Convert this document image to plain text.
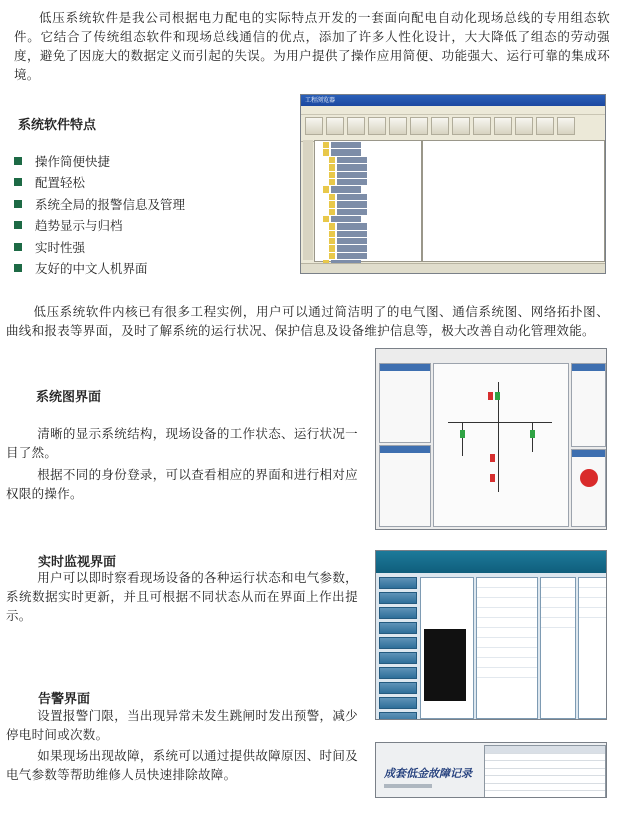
低压系统软件是我公司根据电力配电的实际特点开发的一套面向配电自动化现场总线的专用组态软件。它结合了传统组态软件和现场总线通信的优点，添加了许多人性化设计，大大降低了组态的劳动强度，避免了因庞大的数据定义而引起的失误。为用户提供了操作应用简便、功能强大、运行可靠的集成环境。

系统软件特点
操作简便快捷
配置轻松
系统全局的报警信息及管理
趋势显示与归档
实时性强
友好的中文人机界面
工程浏览器

低压系统软件内核已有很多工程实例，用户可以通过简洁明了的电气图、通信系统图、网络拓扑图、曲线和报表等界面，及时了解系统的运行状况、保护信息及设备维护信息等，极大改善自动化管理效能。

系统图界面

清晰的显示系统结构，现场设备的工作状态、运行状况一目了然。

根据不同的身份登录，可以查看相应的界面和进行相对应权限的操作。

实时监视界面

用户可以即时察看现场设备的各种运行状态和电气参数，系统数据实时更新，并且可根据不同状态从而在界面上作出提示。

告警界面

设置报警门限，当出现异常未发生跳闸时发出预警，减少停电时间或次数。

如果现场出现故障，系统可以通过提供故障原因、时间及电气参数等帮助维修人员快速排除故障。	成套低金故障记录
